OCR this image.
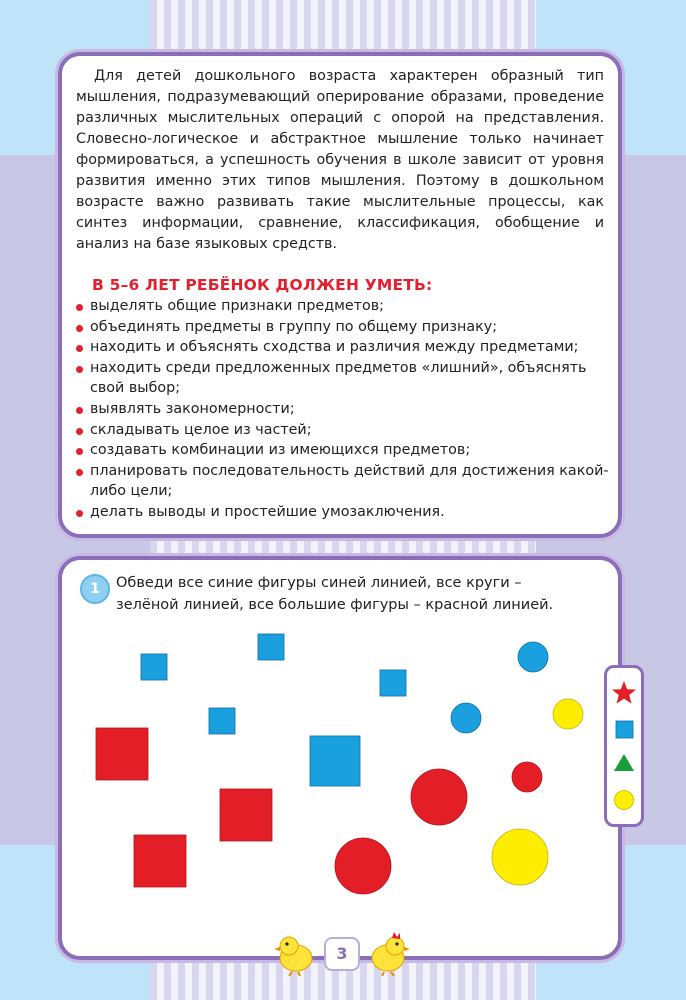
Для детей дошкольного возраста характерен образный тип мышления, подразумевающий оперирование образами, проведение различных мыслительных операций с опорой на представления. Словесно-логическое и абстрактное мышление только начинает формироваться, а успешность обучения в школе зависит от уровня развития именно этих типов мышления. Поэтому в дошкольном возрасте важно развивать такие мыслительные процессы, как синтез информации, сравнение, классификация, обобщение и анализ на базе языковых средств.

В 5–6 ЛЕТ РЕБЁНОК ДОЛЖЕН УМЕТЬ:
выделять общие признаки предметов;
объединять предметы в группу по общему признаку;
находить и объяснять сходства и различия между предметами;
находить среди предложенных предметов «лишний», объяснять свой выбор;
выявлять закономерности;
складывать целое из частей;
создавать комбинации из имеющихся предметов;
планировать последовательность действий для достижения какой-либо цели;
делать выводы и простейшие умозаключения.
1	Обведи все синие фигуры синей линией, все круги –
зелёной линией, все большие фигуры – красной линией.

3
